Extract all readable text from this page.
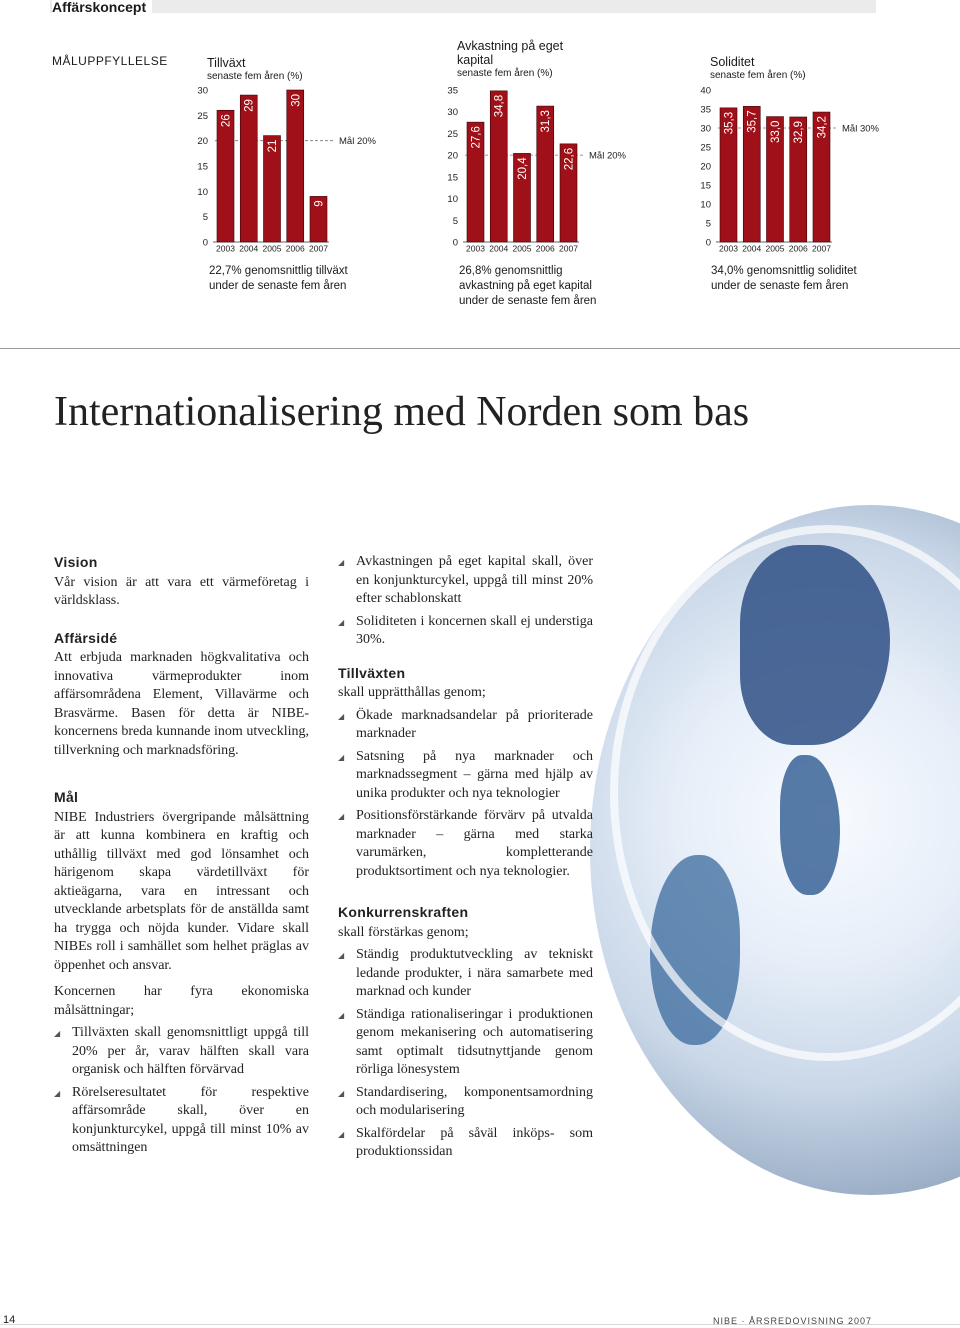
Affärskoncept
MÅLUPPFYLLELSE	Tillväxt
senaste fem åren (%)
0
5
10
15
20
25
30
Mål 20%
26
2003
29
2004
21
2005
30
2006
9
2007
22,7% genomsnittlig tillväxt
under de senaste fem åren
Avkastning på eget kapital
senaste fem åren (%)
0
5
10
15
20
25
30
35
Mål 20%
27,6
2003
34,8
2004
20,4
2005
31,3
2006
22,6
2007
26,8% genomsnittlig
avkastning på eget kapital
under de senaste fem åren
Soliditet
senaste fem åren (%)
0
5
10
15
20
25
30
35
40
Mål 30%
35,3
2003
35,7
2004
33,0
2005
32,9
2006
34,2
2007
34,0% genomsnittlig soliditet
under de senaste fem åren
Internationalisering med Norden som bas
Vision

Vår vision är att vara ett värmeföretag i världsklass.

Affärsidé

Att erbjuda marknaden högkvalitativa och innovativa värmeprodukter inom affärsområdena Element, Villavärme och Brasvärme. Basen för detta är NIBE-koncernens breda kunnande inom utveckling, tillverkning och marknadsföring.

Mål

NIBE Industriers övergripande målsättning är att kunna kombinera en kraftig och uthållig tillväxt med god lönsamhet och härigenom skapa värdetillväxt för aktieägarna, vara en intressant och utvecklande arbetsplats för de anställda samt ha trygga och nöjda kunder. Vidare skall NIBEs roll i samhället som helhet präglas av öppenhet och ansvar.

Koncernen har fyra ekonomiska målsättningar;

◢ Tillväxten skall genomsnittligt uppgå till 20% per år, varav hälften skall vara organisk och hälften förvärvad
◢ Rörelseresultatet för respektive affärsområde skall, över en konjunkturcykel, uppgå till minst 10% av omsättningen
◢ Avkastningen på eget kapital skall, över en konjunkturcykel, uppgå till minst 20% efter schablonskatt
◢ Soliditeten i koncernen skall ej understiga 30%.
Tillväxten

skall upprätthållas genom;

◢ Ökade marknadsandelar på prioriterade marknader
◢ Satsning på nya marknader och marknadssegment – gärna med hjälp av unika produkter och nya teknologier
◢ Positionsförstärkande förvärv på utvalda marknader – gärna med starka varumärken, kompletterande produktsortiment och nya teknologier.
Konkurrenskraften

skall förstärkas genom;

◢ Ständig produktutveckling av tekniskt ledande produkter, i nära samarbete med marknad och kunder
◢ Ständiga rationaliseringar i produktionen genom mekanisering och automatisering samt optimalt tidsutnyttjande genom rörliga lönesystem
◢ Standardisering, komponentsamordning och modularisering
◢ Skalfördelar på såväl inköps- som produktionssidan
14	NIBE · ÅRSREDOVISNING 2007
